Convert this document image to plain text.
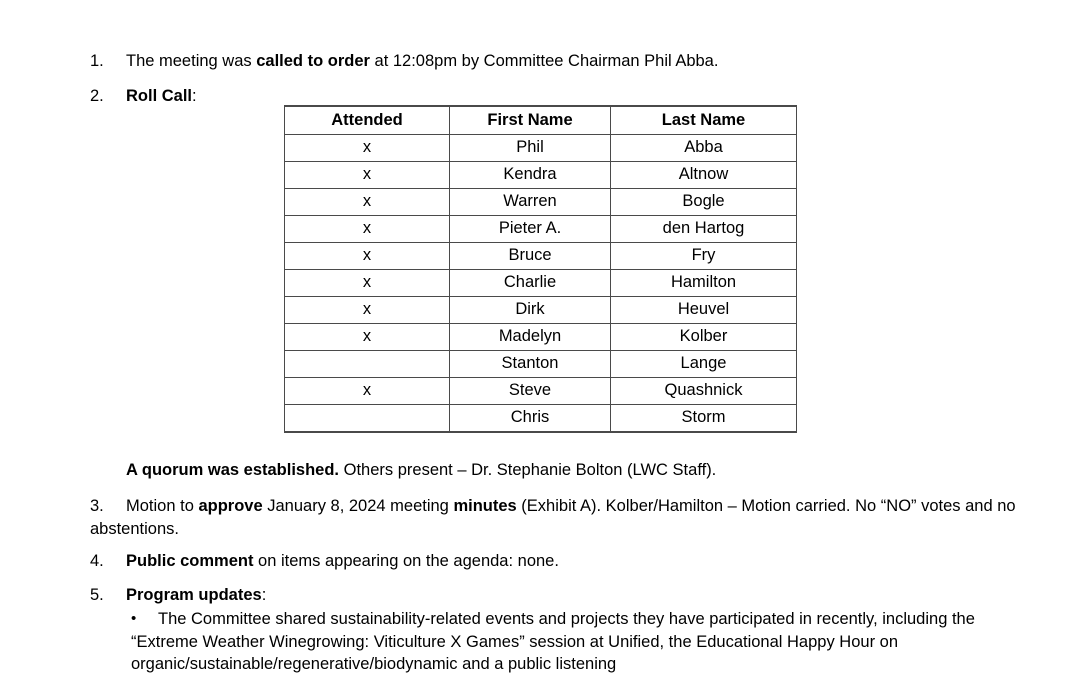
1.	The meeting was called to order at 12:08pm by Committee Chairman Phil Abba.
2.	Roll Call:
Attended	First Name	Last Name
x	Phil	Abba
x	Kendra	Altnow
x	Warren	Bogle
x	Pieter A.	den Hartog
x	Bruce	Fry
x	Charlie	Hamilton
x	Dirk	Heuvel
x	Madelyn	Kolber
	Stanton	Lange
x	Steve	Quashnick
	Chris	Storm
A quorum was established. Others present – Dr. Stephanie Bolton (LWC Staff).
3.	Motion to approve January 8, 2024 meeting minutes (Exhibit A). Kolber/Hamilton – Motion carried. No “NO” votes and no abstentions.
4.	Public comment on items appearing on the agenda: none.
5.	Program updates:
•	The Committee shared sustainability-related events and projects they have participated in recently, including the “Extreme Weather Winegrowing: Viticulture X Games” session at Unified, the Educational Happy Hour on organic/sustainable/regenerative/biodynamic and a public listening
